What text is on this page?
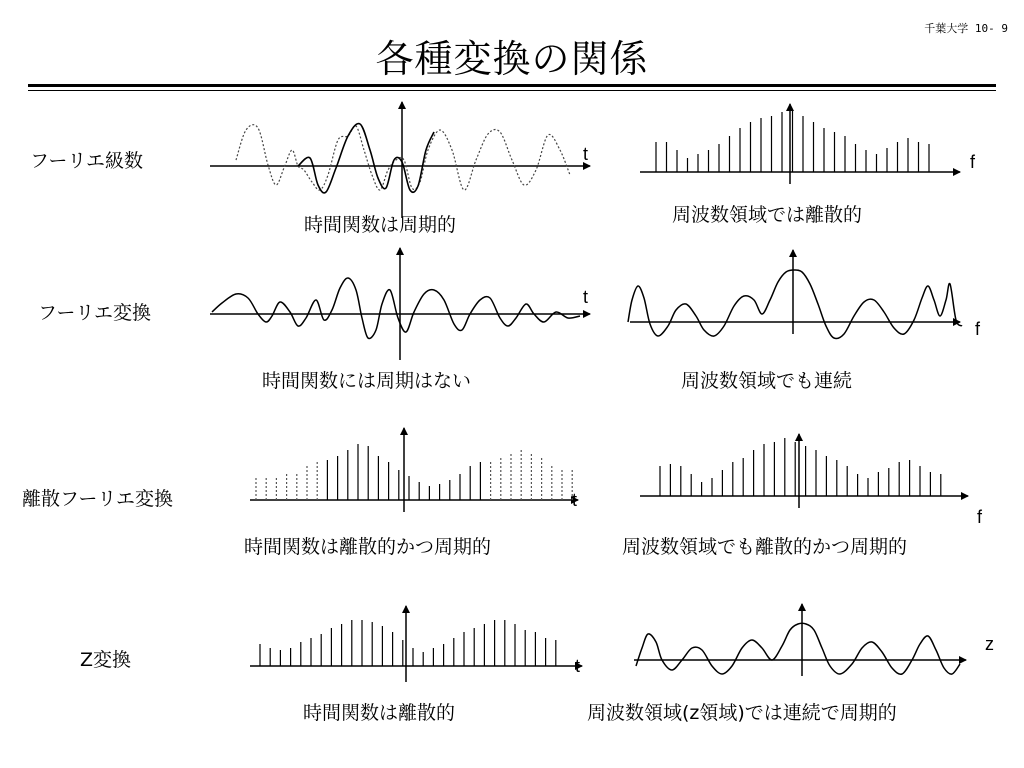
千葉大学 10- 9
各種変換の関係
フーリエ級数
フーリエ変換
離散フーリエ変換
Z変換
時間関数は周期的	周波数領域では離散的
時間関数には周期はない	周波数領域でも連続
時間関数は離散的かつ周期的	周波数領域でも離散的かつ周期的
時間関数は離散的	周波数領域(z領域)では連続で周期的
t	f
t
f
t
f
t
z
